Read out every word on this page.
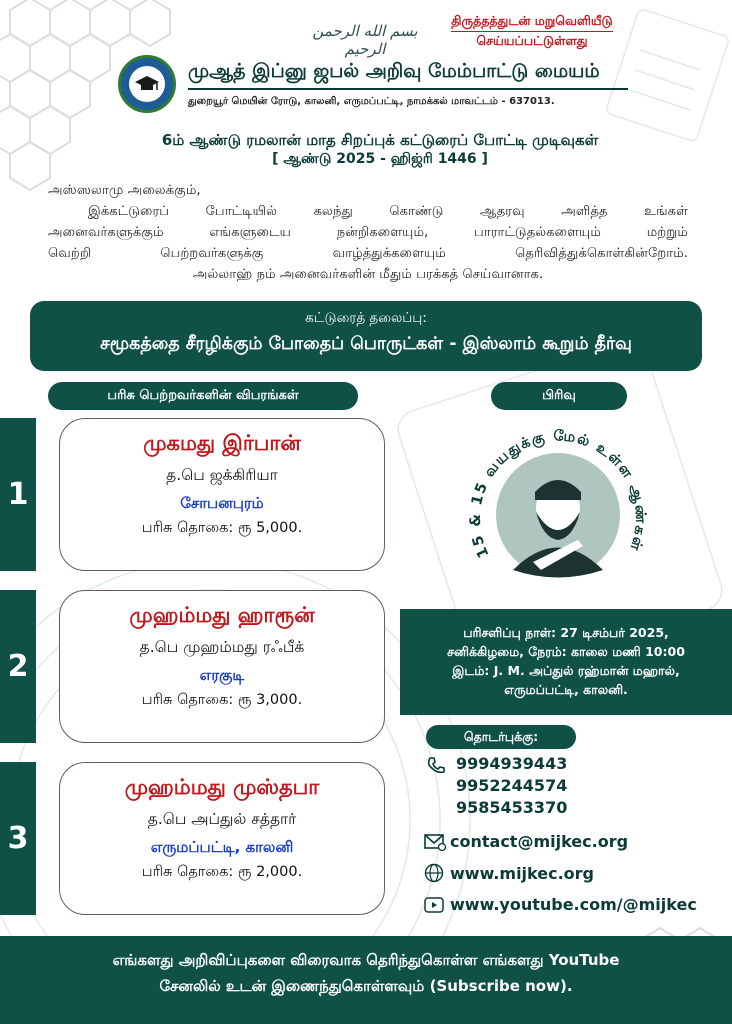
بسم الله الرحمن الرحيم
திருத்தத்துடன் மறுவெளியீடு
செய்யப்பட்டுள்ளது
முஆத் இப்னு ஜபல் அறிவு மேம்பாட்டு மையம்
துறையூர் மெயின் ரோடு, காலனி, எருமப்பட்டி, நாமக்கல் மாவட்டம் - 637013.
6ம் ஆண்டு ரமலான் மாத சிறப்புக் கட்டுரைப் போட்டி முடிவுகள்
[ ஆண்டு 2025 - ஹிஜ்ரி 1446 ]

அஸ்ஸலாமு அலைக்கும்,

இக்கட்டுரைப் போட்டியில் கலந்து கொண்டு ஆதரவு அளித்த உங்கள்

அனைவர்களுக்கும் எங்களுடைய நன்றிகளையும், பாராட்டுதல்களையும் மற்றும்

வெற்றி பெற்றவர்களுக்கு வாழ்த்துக்களையும் தெரிவித்துக்கொள்கின்றோம்.

அல்லாஹ் நம் அனைவர்களின் மீதும் பரக்கத் செய்வானாக.

கட்டுரைத் தலைப்பு:
சமூகத்தை சீரழிக்கும் போதைப் பொருட்கள் - இஸ்லாம் கூறும் தீர்வு
பரிசு பெற்றவர்களின் விபரங்கள்	பிரிவு
1
முகமது இர்பான்
த.பெ ஜக்கிரியா
சோபனபுரம்
பரிசு தொகை: ரூ 5,000.
2
முஹம்மது ஹாரூன்
த.பெ முஹம்மது ரஃபீக்
எரகுடி
பரிசு தொகை: ரூ 3,000.
3
முஹம்மது முஸ்தபா
த.பெ அப்துல் சத்தார்
எருமப்பட்டி, காலனி
பரிசு தொகை: ரூ 2,000.
15 & 15 வயதுக்கு மேல் உள்ள ஆண்கள்
பரிசளிப்பு நாள்: 27 டிசம்பர் 2025,
சனிக்கிழமை, நேரம்: காலை மணி 10:00
இடம்: J. M. அப்துல் ரஹ்மான் மஹால்,
எருமப்பட்டி, காலனி.
தொடர்புக்கு:
9994939443
9952244574
9585453370
contact@mijkec.org
www.mijkec.org
www.youtube.com/@mijkec
எங்களது அறிவிப்புகளை விரைவாக தெரிந்துகொள்ள எங்களது YouTube
சேனலில் உடன் இணைந்துகொள்ளவும் (Subscribe now).
